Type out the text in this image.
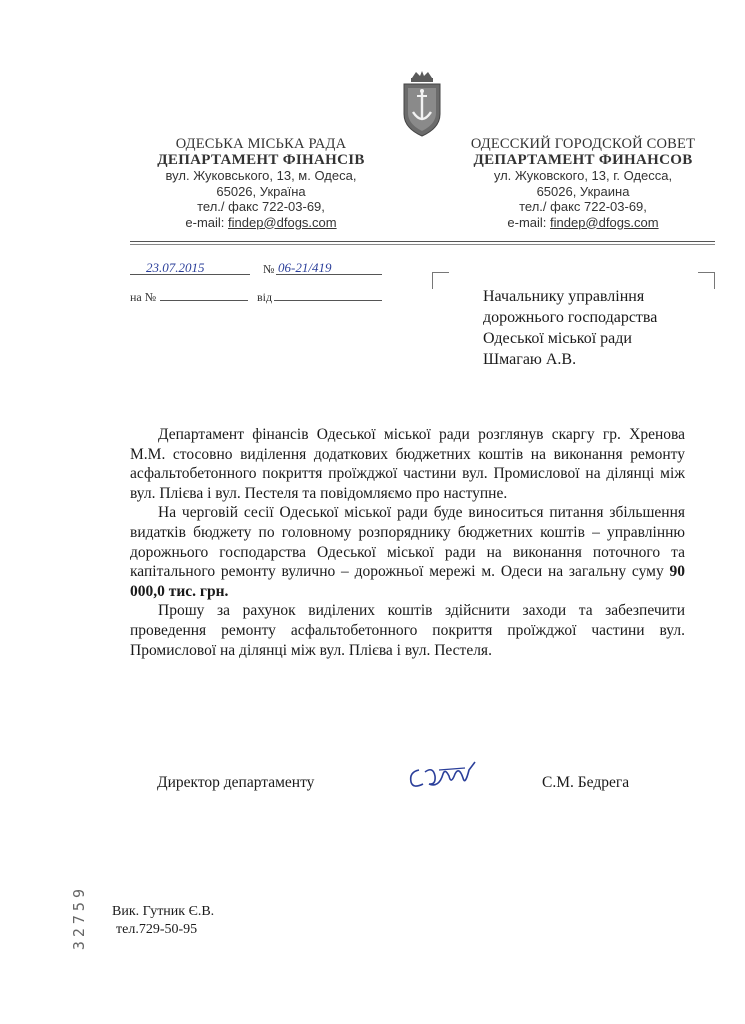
ОДЕСЬКА МІСЬКА РАДА
ДЕПАРТАМЕНТ ФІНАНСІВ
вул. Жуковського, 13, м. Одеса,
65026, Україна
тел./ факс 722-03-69,
e-mail: findep@dfogs.com
ОДЕССКИЙ ГОРОДСКОЙ СОВЕТ
ДЕПАРТАМЕНТ ФИНАНСОВ
ул. Жуковского, 13, г. Одесса,
65026, Украина
тел./ факс 722-03-69,
e-mail: findep@dfogs.com
23.07.2015	№ 06-21/419
на №	від	Начальнику управління
дорожнього господарства
Одеської міської ради
Шмагаю А.В.

Департамент фінансів Одеської міської ради розглянув скаргу гр. Хренова М.М. стосовно виділення додаткових бюджетних коштів на виконання ремонту асфальтобетонного покриття проїжджої частини вул. Промислової на ділянці між вул. Плієва і вул. Пестеля та повідомляємо про наступне.

На черговій сесії Одеської міської ради буде виноситься питання збільшення видатків бюджету по головному розпоряднику бюджетних коштів – управлінню дорожнього господарства Одеської міської ради на виконання поточного та капітального ремонту вулично – дорожньої мережі м. Одеси на загальну суму 90 000,0 тис. грн.

Прошу за рахунок виділених коштів здійснити заходи та забезпечити проведення ремонту асфальтобетонного покриття проїжджої частини вул. Промислової на ділянці між вул. Плієва і вул. Пестеля.

Директор департаменту	С.М. Бедрега
Вик. Гутник Є.В.
тел.729-50-95
32759
